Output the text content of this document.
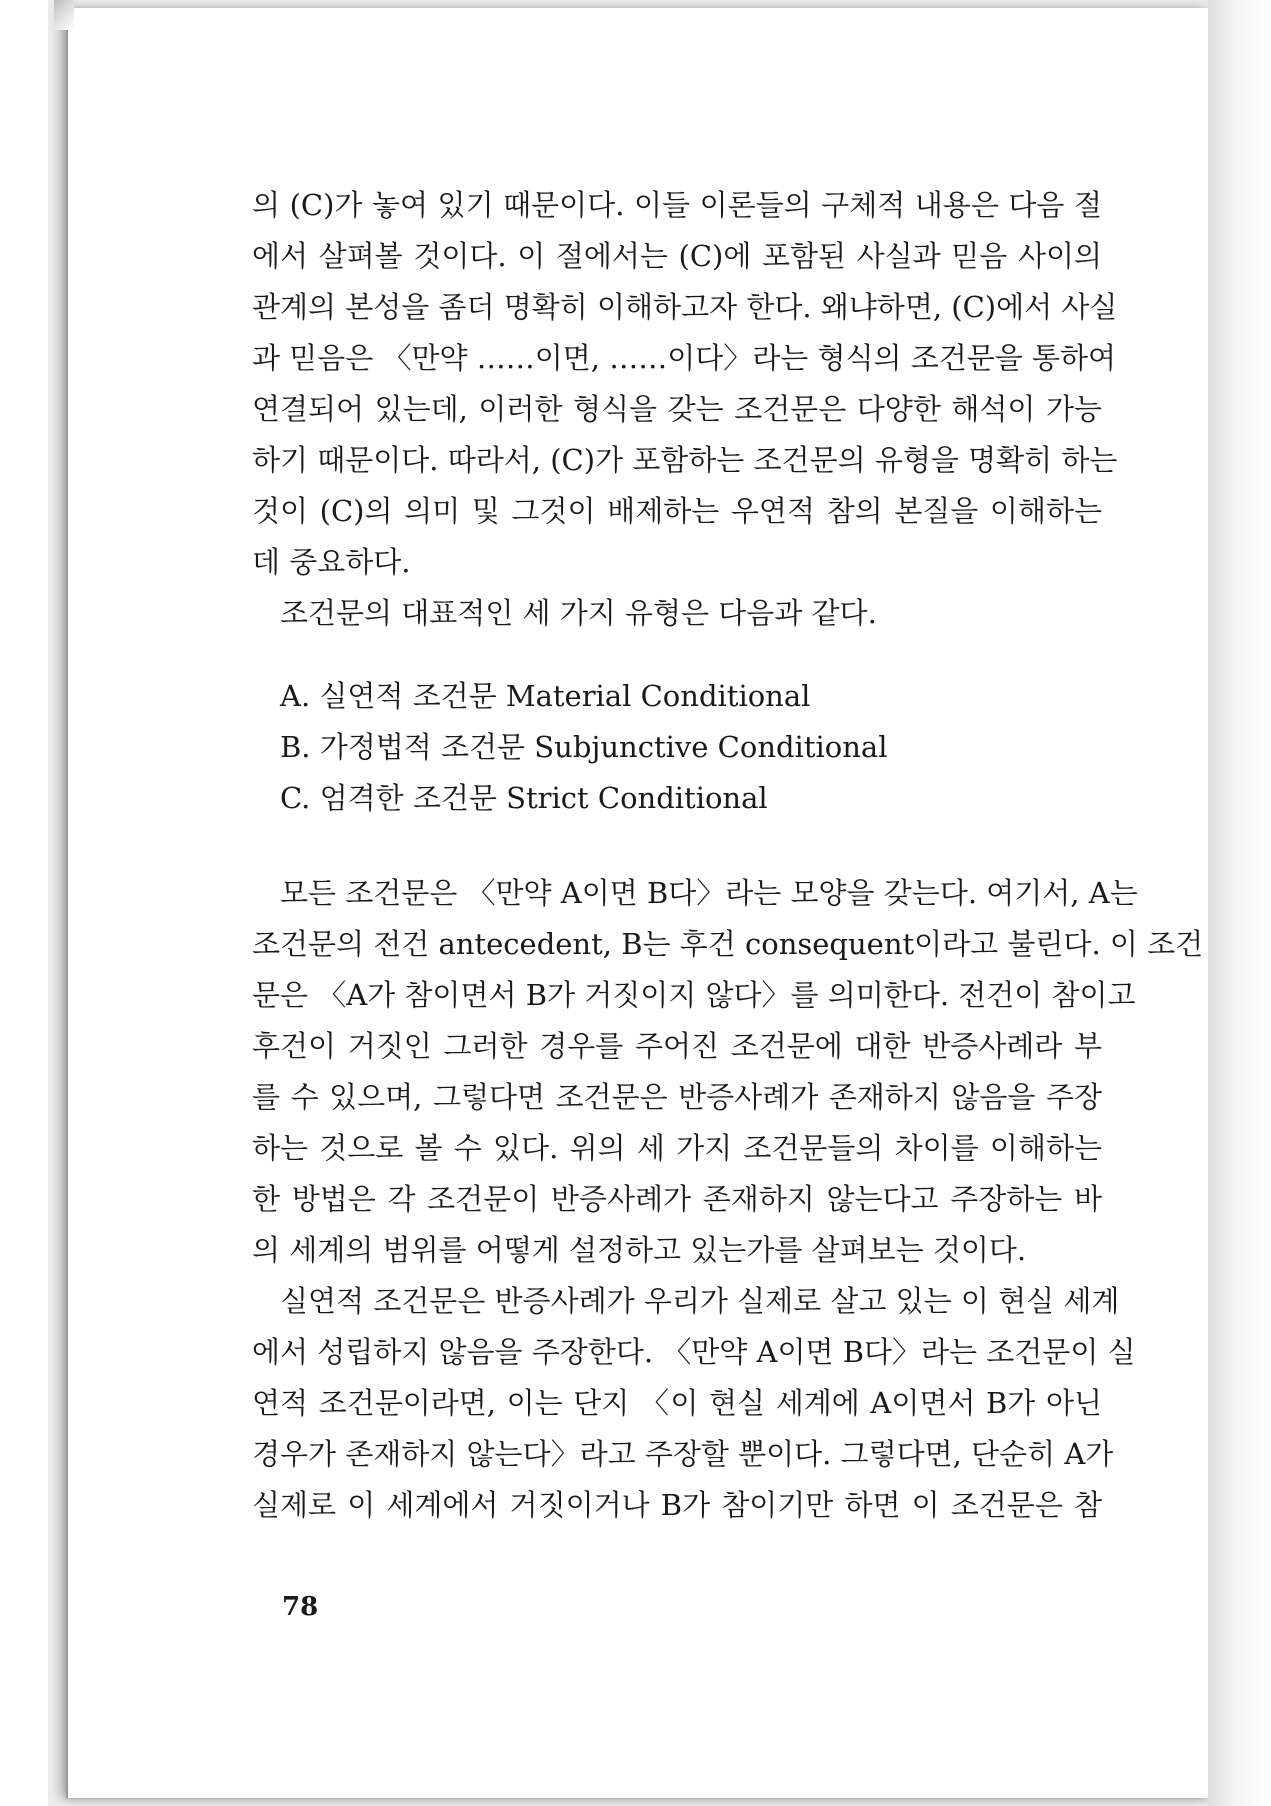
의 (C)가 놓여 있기 때문이다. 이들 이론들의 구체적 내용은 다음 절
에서 살펴볼 것이다. 이 절에서는 (C)에 포함된 사실과 믿음 사이의
관계의 본성을 좀더 명확히 이해하고자 한다. 왜냐하면, (C)에서 사실
과 믿음은 〈만약 ……이면, ……이다〉라는 형식의 조건문을 통하여
연결되어 있는데, 이러한 형식을 갖는 조건문은 다양한 해석이 가능
하기 때문이다. 따라서, (C)가 포함하는 조건문의 유형을 명확히 하는
것이 (C)의 의미 및 그것이 배제하는 우연적 참의 본질을 이해하는
데 중요하다.
조건문의 대표적인 세 가지 유형은 다음과 같다.

A. 실연적 조건문 Material Conditional

B. 가정법적 조건문 Subjunctive Conditional

C. 엄격한 조건문 Strict Conditional

모든 조건문은 〈만약 A이면 B다〉라는 모양을 갖는다. 여기서, A는
조건문의 전건 antecedent, B는 후건 consequent이라고 불린다. 이 조건
문은 〈A가 참이면서 B가 거짓이지 않다〉를 의미한다. 전건이 참이고
후건이 거짓인 그러한 경우를 주어진 조건문에 대한 반증사례라 부
를 수 있으며, 그렇다면 조건문은 반증사례가 존재하지 않음을 주장
하는 것으로 볼 수 있다. 위의 세 가지 조건문들의 차이를 이해하는
한 방법은 각 조건문이 반증사례가 존재하지 않는다고 주장하는 바
의 세계의 범위를 어떻게 설정하고 있는가를 살펴보는 것이다.
실연적 조건문은 반증사례가 우리가 실제로 살고 있는 이 현실 세계
에서 성립하지 않음을 주장한다. 〈만약 A이면 B다〉라는 조건문이 실
연적 조건문이라면, 이는 단지 〈이 현실 세계에 A이면서 B가 아닌
경우가 존재하지 않는다〉라고 주장할 뿐이다. 그렇다면, 단순히 A가
실제로 이 세계에서 거짓이거나 B가 참이기만 하면 이 조건문은 참
78
